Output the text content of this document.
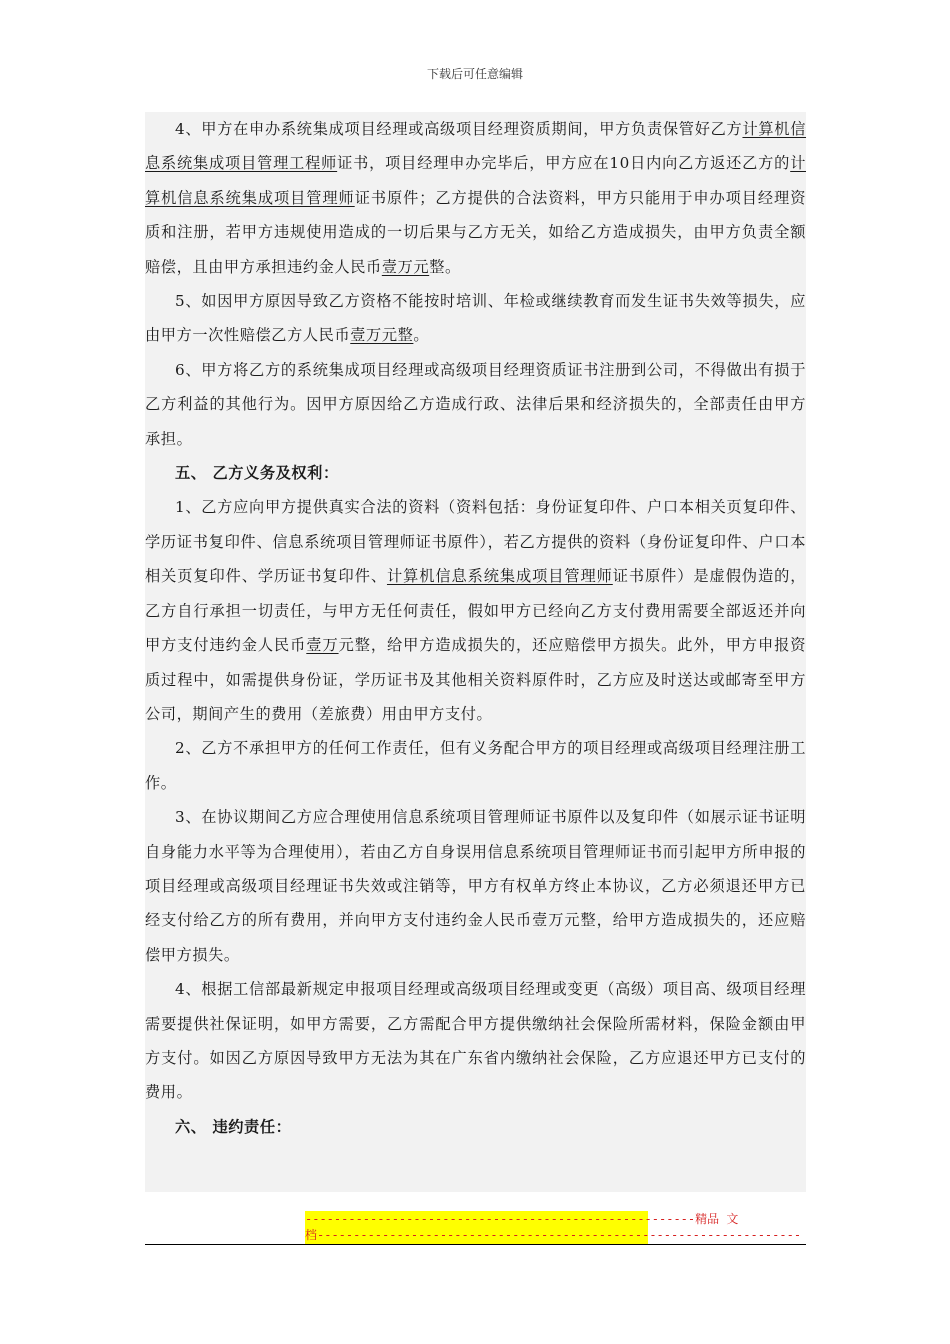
下载后可任意编辑

4、甲方在申办系统集成项目经理或高级项目经理资质期间，甲方负责保管好乙方计算机信息系统集成项目管理工程师证书，项目经理申办完毕后，甲方应在10日内向乙方返还乙方的计算机信息系统集成项目管理师证书原件；乙方提供的合法资料，甲方只能用于申办项目经理资质和注册，若甲方违规使用造成的一切后果与乙方无关，如给乙方造成损失，由甲方负责全额赔偿，且由甲方承担违约金人民币壹万元整。

5、如因甲方原因导致乙方资格不能按时培训、年检或继续教育而发生证书失效等损失，应由甲方一次性赔偿乙方人民币壹万元整。

6、甲方将乙方的系统集成项目经理或高级项目经理资质证书注册到公司，不得做出有损于乙方利益的其他行为。因甲方原因给乙方造成行政、法律后果和经济损失的，全部责任由甲方承担。

五、 乙方义务及权利：

1、乙方应向甲方提供真实合法的资料（资料包括：身份证复印件、户口本相关页复印件、学历证书复印件、信息系统项目管理师证书原件），若乙方提供的资料（身份证复印件、户口本相关页复印件、学历证书复印件、计算机信息系统集成项目管理师证书原件）是虚假伪造的，乙方自行承担一切责任，与甲方无任何责任，假如甲方已经向乙方支付费用需要全部返还并向甲方支付违约金人民币壹万元整，给甲方造成损失的，还应赔偿甲方损失。此外，甲方申报资质过程中，如需提供身份证，学历证书及其他相关资料原件时，乙方应及时送达或邮寄至甲方公司，期间产生的费用（差旅费）用由甲方支付。

2、乙方不承担甲方的任何工作责任，但有义务配合甲方的项目经理或高级项目经理注册工作。

3、在协议期间乙方应合理使用信息系统项目管理师证书原件以及复印件（如展示证书证明自身能力水平等为合理使用），若由乙方自身误用信息系统项目管理师证书而引起甲方所申报的项目经理或高级项目经理证书失效或注销等，甲方有权单方终止本协议，乙方必须退还甲方已经支付给乙方的所有费用，并向甲方支付违约金人民币壹万元整，给甲方造成损失的，还应赔偿甲方损失。

4、根据工信部最新规定申报项目经理或高级项目经理或变更（高级）项目高、级项目经理需要提供社保证明，如甲方需要，乙方需配合甲方提供缴纳社会保险所需材料，保险金额由甲方支付。如因乙方原因导致甲方无法为其在广东省内缴纳社会保险，乙方应退还甲方已支付的费用。

六、 违约责任：

------------------------------------------------------精品 文
档-------------------------------------------------------------------
